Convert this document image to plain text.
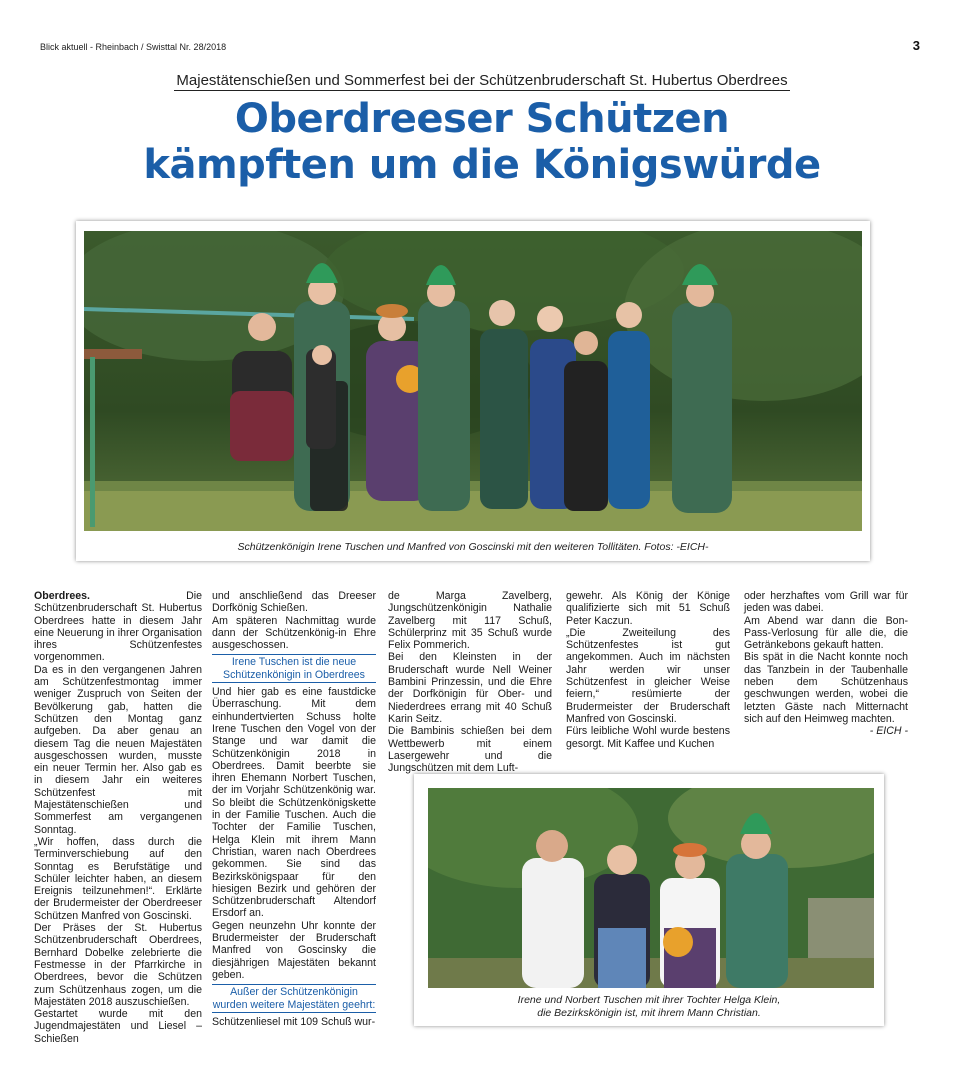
Blick aktuell - Rheinbach / Swisttal Nr. 28/2018	3
Majestätenschießen und Sommerfest bei der Schützenbruderschaft St. Hubertus Oberdrees
Oberdreeser Schützen
kämpften um die Königswürde
Schützenkönigin Irene Tuschen und Manfred von Goscinski mit den weiteren Tollitäten. Fotos: -EICH-

Oberdrees. Die Schützenbruderschaft St. Hubertus Oberdrees hatte in diesem Jahr eine Neuerung in ihrer Organisation ihres Schützenfestes vorgenommen.

Da es in den vergangenen Jahren am Schützenfestmontag immer weniger Zuspruch von Seiten der Bevölkerung gab, hatten die Schützen den Montag ganz aufgeben. Da aber genau an diesem Tag die neuen Majestäten ausgeschossen wurden, musste ein neuer Termin her. Also gab es in diesem Jahr ein weiteres Schützenfest mit Majestätenschießen und Sommerfest am vergangenen Sonntag.

„Wir hoffen, dass durch die Terminverschiebung auf den Sonntag es Berufstätige und Schüler leichter haben, an diesem Ereignis teilzunehmen!“. Erklärte der Brudermeister der Oberdreeser Schützen Manfred von Goscinski.

Der Präses der St. Hubertus Schützenbruderschaft Oberdrees, Bernhard Dobelke zelebrierte die Festmesse in der Pfarrkirche in Oberdrees, bevor die Schützen zum Schützenhaus zogen, um die Majestäten 2018 auszuschießen.

Gestartet wurde mit den Jugendmajestäten und Liesel –Schießen

und anschließend das Dreeser Dorfkönig Schießen.

Am späteren Nachmittag wurde dann der Schützenkönig-in Ehre ausgeschossen.

Irene Tuschen ist die neue Schützenkönigin in Oberdrees

Und hier gab es eine faustdicke Überraschung. Mit dem einhundertvierten Schuss holte Irene Tuschen den Vogel von der Stange und war damit die Schützenkönigin 2018 in Oberdrees. Damit beerbte sie ihren Ehemann Norbert Tuschen, der im Vorjahr Schützenkönig war. So bleibt die Schützenkönigskette in der Familie Tuschen. Auch die Tochter der Familie Tuschen, Helga Klein mit ihrem Mann Christian, waren nach Oberdrees gekommen. Sie sind das Bezirkskönigspaar für den hiesigen Bezirk und gehören der Schützenbruderschaft Altendorf Ersdorf an.

Gegen neunzehn Uhr konnte der Brudermeister der Bruderschaft Manfred von Goscinsky die diesjährigen Majestäten bekannt geben.

Außer der Schützenkönigin wurden weitere Majestäten geehrt:

Schützenliesel mit 109 Schuß wur-

de Marga Zavelberg, Jungschützenkönigin Nathalie Zavelberg mit 117 Schuß, Schülerprinz mit 35 Schuß wurde Felix Pommerich.

Bei den Kleinsten in der Bruderschaft wurde Nell Weiner Bambini Prinzessin, und die Ehre der Dorfkönigin für Ober- und Niederdrees errang mit 40 Schuß Karin Seitz.

Die Bambinis schießen bei dem Wettbewerb mit einem Lasergewehr und die Jungschützen mit dem Luft-

gewehr. Als König der Könige qualifizierte sich mit 51 Schuß Peter Kaczun.

„Die Zweiteilung des Schützenfestes ist gut angekommen. Auch im nächsten Jahr werden wir unser Schützenfest in gleicher Weise feiern,“ resümierte der Brudermeister der Bruderschaft Manfred von Goscinski.

Fürs leibliche Wohl wurde bestens gesorgt. Mit Kaffee und Kuchen

oder herzhaftes vom Grill war für jeden was dabei.

Am Abend war dann die Bon-Pass-Verlosung für alle die, die Getränkebons gekauft hatten.

Bis spät in die Nacht konnte noch das Tanzbein in der Taubenhalle neben dem Schützenhaus geschwungen werden, wobei die letzten Gäste nach Mitternacht sich auf den Heimweg machten.

- EICH -

Irene und Norbert Tuschen mit ihrer Tochter Helga Klein,
die Bezirkskönigin ist, mit ihrem Mann Christian.
